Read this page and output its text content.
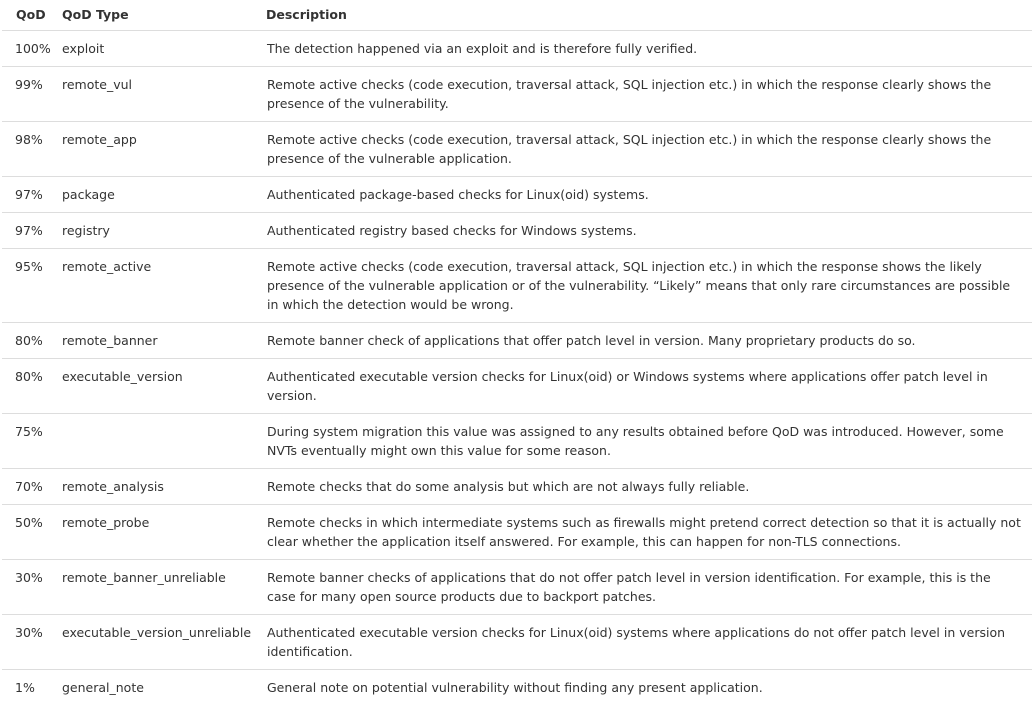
QoD	QoD Type	Description
100%	exploit	The detection happened via an exploit and is therefore fully verified.
99%	remote_vul	Remote active checks (code execution, traversal attack, SQL injection etc.) in which the response clearly shows the presence of the vulnerability.
98%	remote_app	Remote active checks (code execution, traversal attack, SQL injection etc.) in which the response clearly shows the presence of the vulnerable application.
97%	package	Authenticated package-based checks for Linux(oid) systems.
97%	registry	Authenticated registry based checks for Windows systems.
95%	remote_active	Remote active checks (code execution, traversal attack, SQL injection etc.) in which the response shows the likely presence of the vulnerable application or of the vulnerability. “Likely” means that only rare circumstances are possible in which the detection would be wrong.
80%	remote_banner	Remote banner check of applications that offer patch level in version. Many proprietary products do so.
80%	executable_version	Authenticated executable version checks for Linux(oid) or Windows systems where applications offer patch level in version.
75%		During system migration this value was assigned to any results obtained before QoD was introduced. However, some NVTs eventually might own this value for some reason.
70%	remote_analysis	Remote checks that do some analysis but which are not always fully reliable.
50%	remote_probe	Remote checks in which intermediate systems such as firewalls might pretend correct detection so that it is actually not clear whether the application itself answered. For example, this can happen for non-TLS connections.
30%	remote_banner_unreliable	Remote banner checks of applications that do not offer patch level in version identification. For example, this is the case for many open source products due to backport patches.
30%	executable_version_unreliable	Authenticated executable version checks for Linux(oid) systems where applications do not offer patch level in version identification.
1%	general_note	General note on potential vulnerability without finding any present application.
